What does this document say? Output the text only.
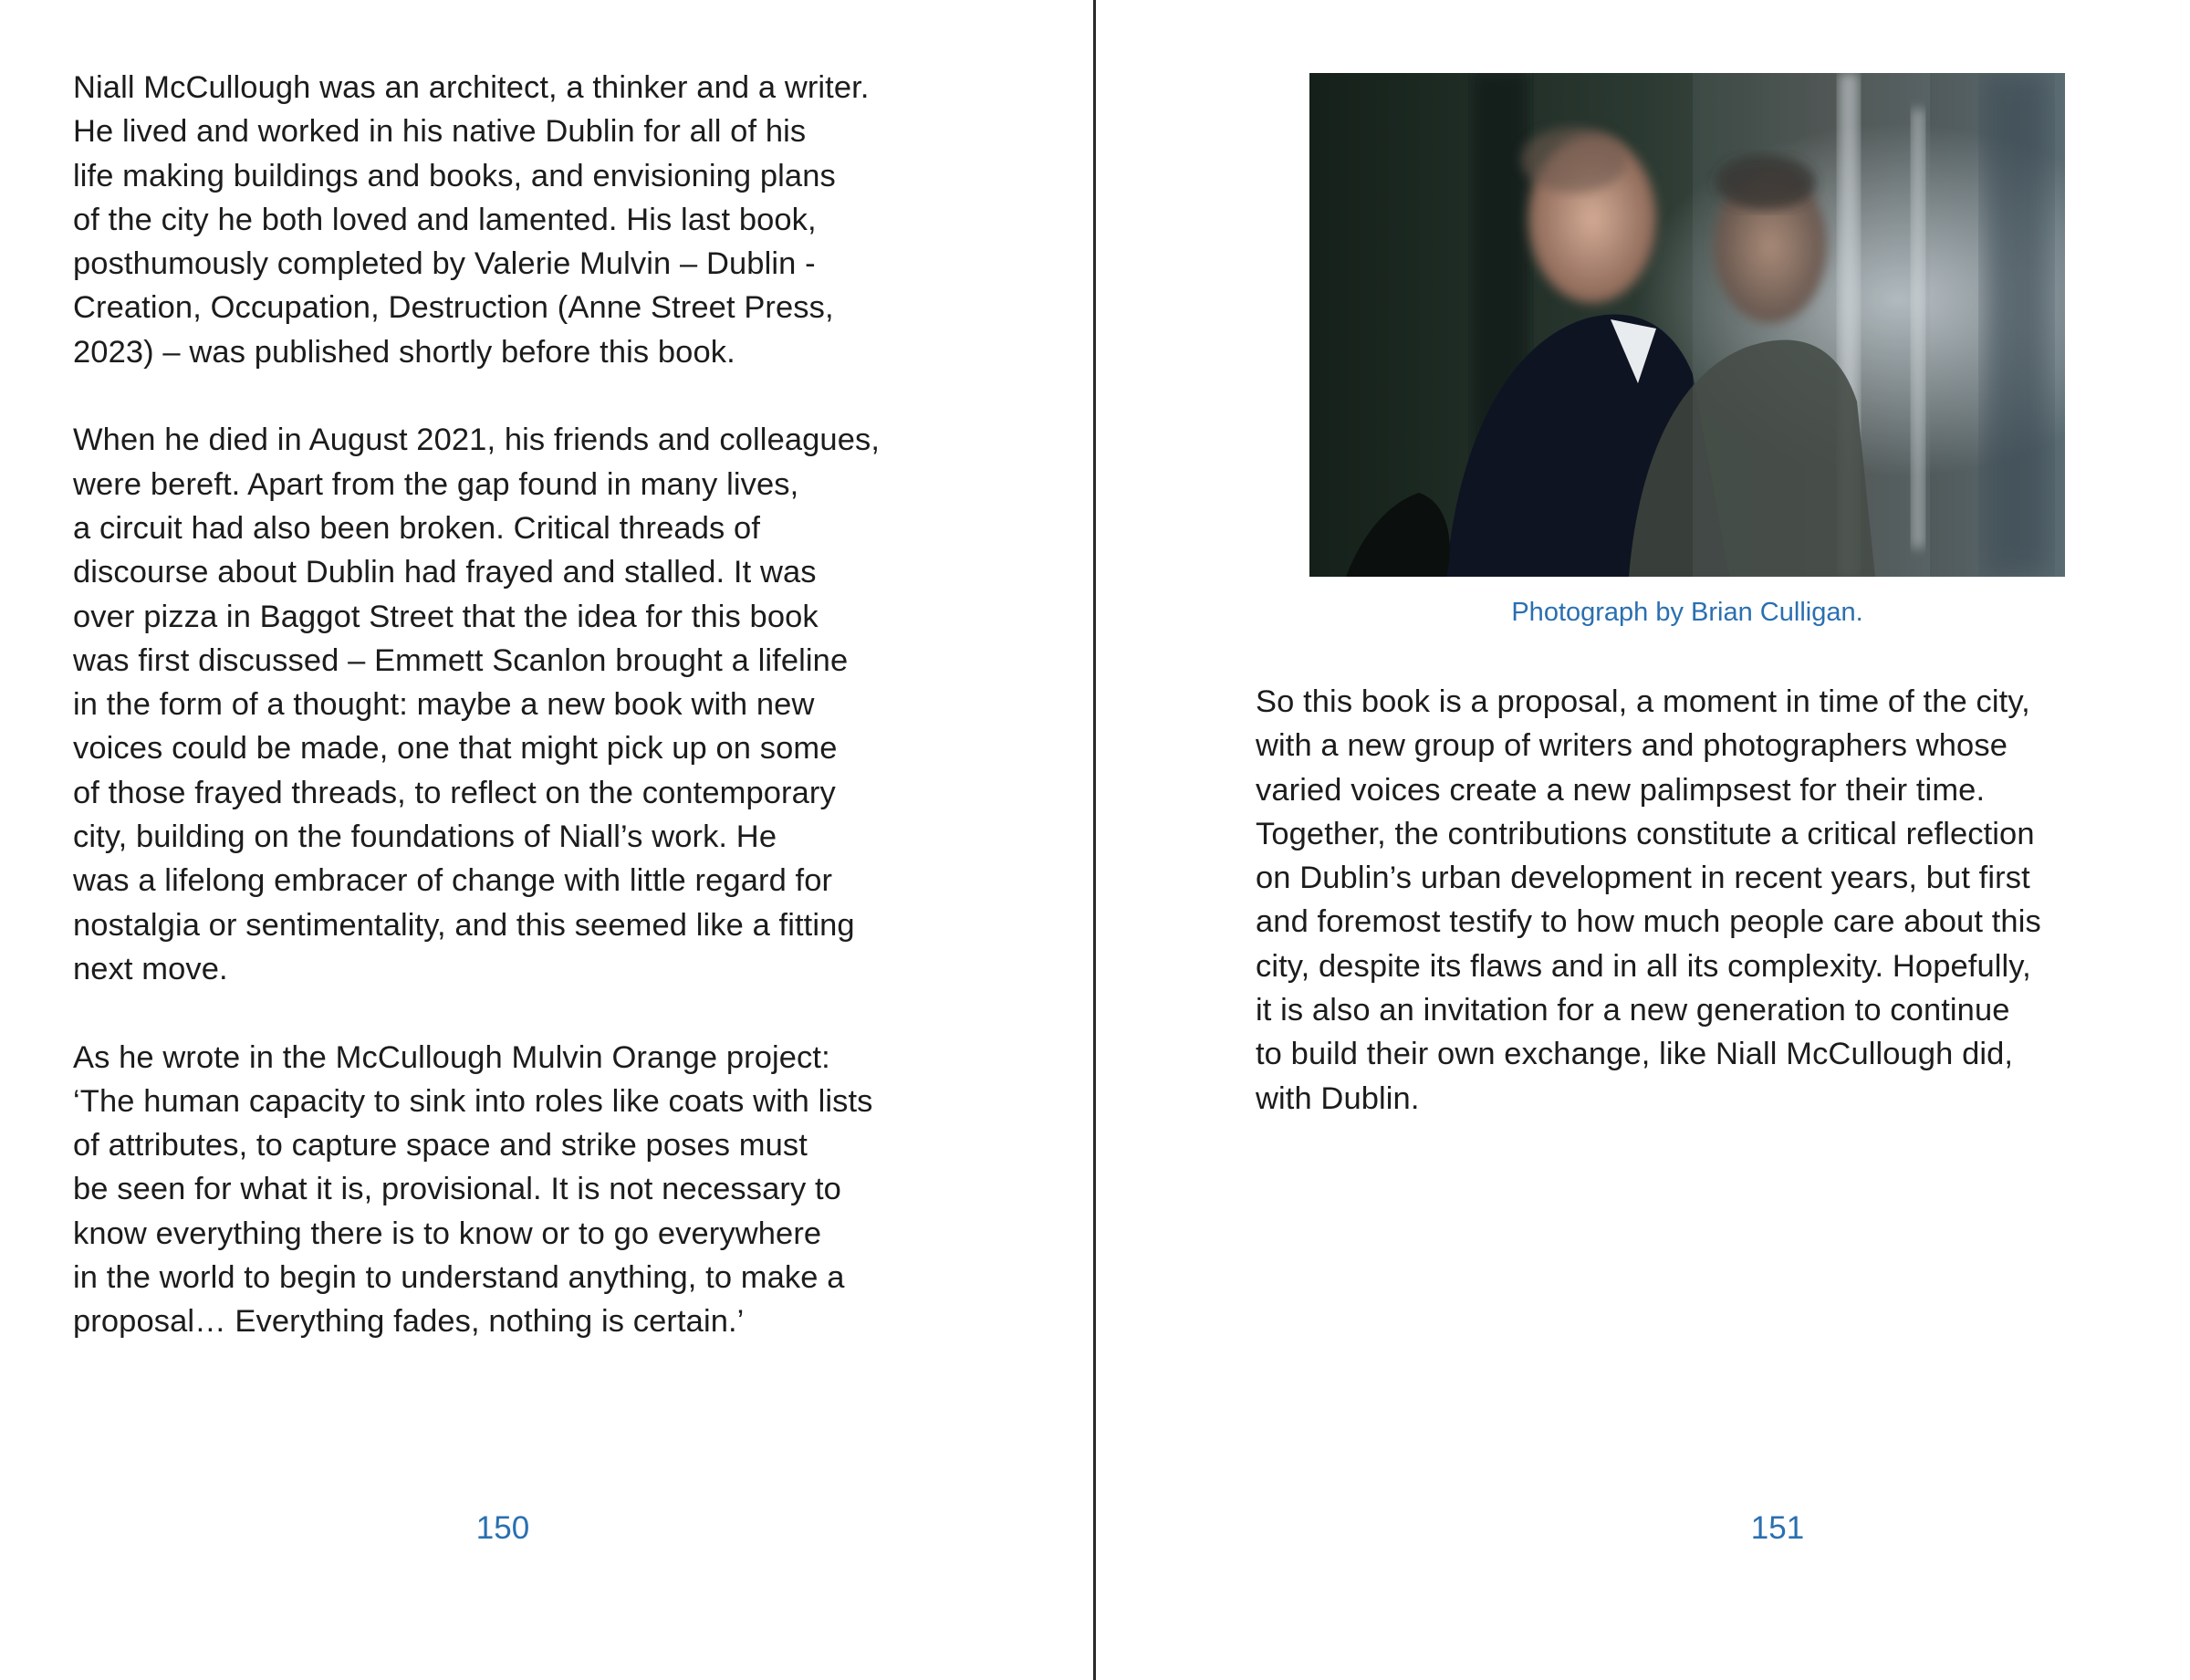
Niall McCullough was an architect, a thinker and a writer.
He lived and worked in his native Dublin for all of his
life making buildings and books, and envisioning plans
of the city he both loved and lamented. His last book,
posthumously completed by Valerie Mulvin – Dublin -
Creation, Occupation, Destruction (Anne Street Press,
2023) – was published shortly before this book.

When he died in August 2021, his friends and colleagues,
were bereft. Apart from the gap found in many lives,
a circuit had also been broken. Critical threads of
discourse about Dublin had frayed and stalled. It was
over pizza in Baggot Street that the idea for this book
was first discussed – Emmett Scanlon brought a lifeline
in the form of a thought: maybe a new book with new
voices could be made, one that might pick up on some
of those frayed threads, to reflect on the contemporary
city, building on the foundations of Niall’s work. He
was a lifelong embracer of change with little regard for
nostalgia or sentimentality, and this seemed like a fitting
next move.

As he wrote in the McCullough Mulvin Orange project:
‘The human capacity to sink into roles like coats with lists
of attributes, to capture space and strike poses must
be seen for what it is, provisional. It is not necessary to
know everything there is to know or to go everywhere
in the world to begin to understand anything, to make a
proposal… Everything fades, nothing is certain.’

150
Photograph by Brian Culligan.

So this book is a proposal, a moment in time of the city,
with a new group of writers and photographers whose
varied voices create a new palimpsest for their time.
Together, the contributions constitute a critical reflection
on Dublin’s urban development in recent years, but first
and foremost testify to how much people care about this
city, despite its flaws and in all its complexity. Hopefully,
it is also an invitation for a new generation to continue
to build their own exchange, like Niall McCullough did,
with Dublin.

151
